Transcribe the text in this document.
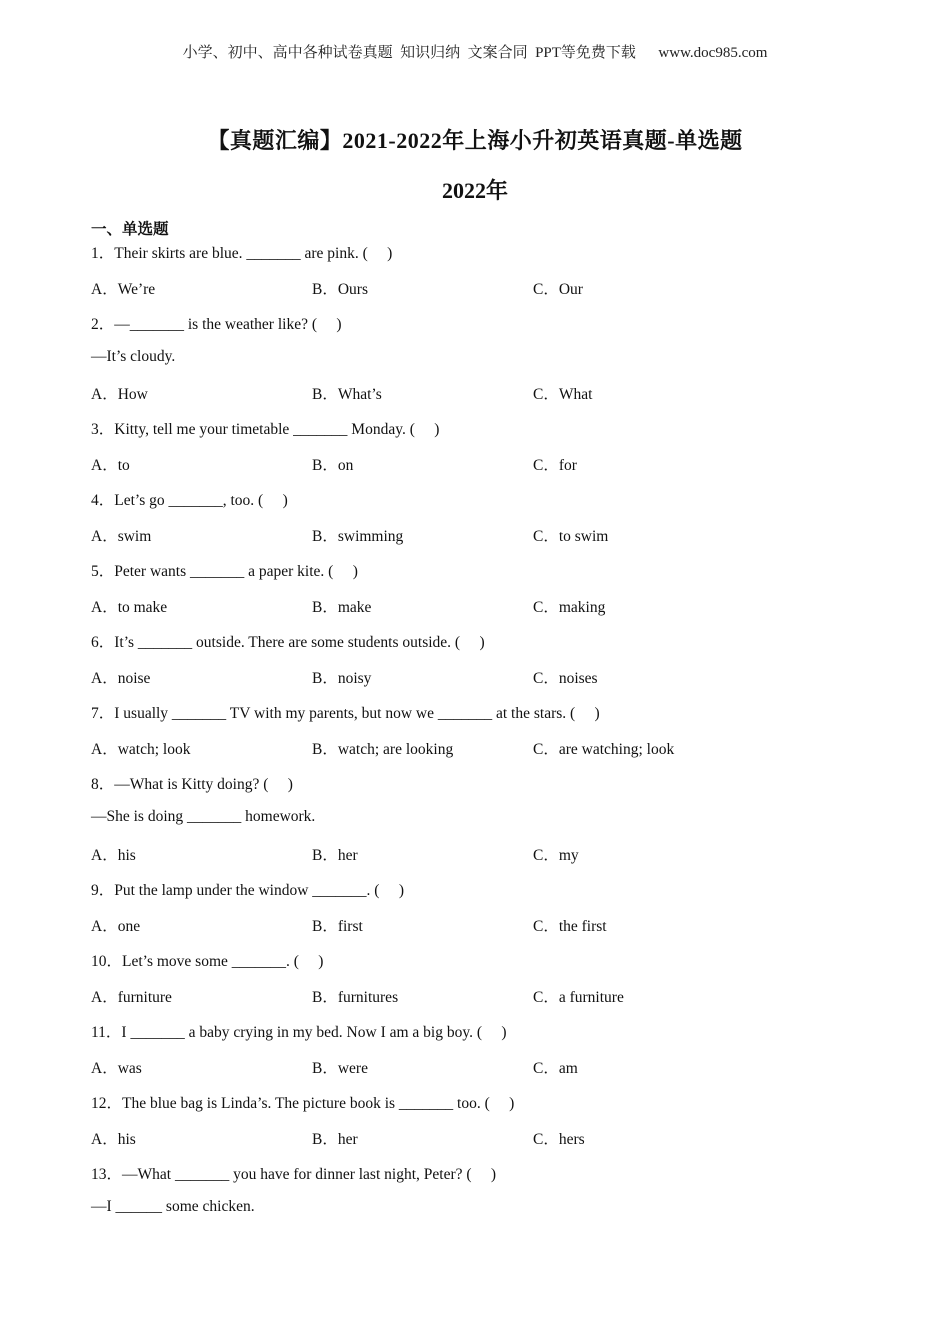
小学、初中、高中各种试卷真题  知识归纳  文案合同  PPT等免费下载      www.doc985.com
【真题汇编】2021-2022年上海小升初英语真题-单选题
2022年
一、单选题
1．Their skirts are blue. _______ are pink. (     )
A．We’re	B．Ours	C．Our
2．—_______ is the weather like? (     )
—It’s cloudy.
A．How	B．What’s	C．What
3．Kitty, tell me your timetable _______ Monday. (     )
A．to	B．on	C．for
4．Let’s go _______, too. (     )
A．swim	B．swimming	C．to swim
5．Peter wants _______ a paper kite. (     )
A．to make	B．make	C．making
6．It’s _______ outside. There are some students outside. (     )
A．noise	B．noisy	C．noises
7．I usually _______ TV with my parents, but now we _______ at the stars. (     )
A．watch; look	B．watch; are looking	C．are watching; look
8．—What is Kitty doing? (     )
—She is doing _______ homework.
A．his	B．her	C．my
9．Put the lamp under the window _______. (     )
A．one	B．first	C．the first
10．Let’s move some _______. (     )
A．furniture	B．furnitures	C．a furniture
11．I _______ a baby crying in my bed. Now I am a big boy. (     )
A．was	B．were	C．am
12．The blue bag is Linda’s. The picture book is _______ too. (     )
A．his	B．her	C．hers
13．—What _______ you have for dinner last night, Peter? (     )
—I ______ some chicken.
